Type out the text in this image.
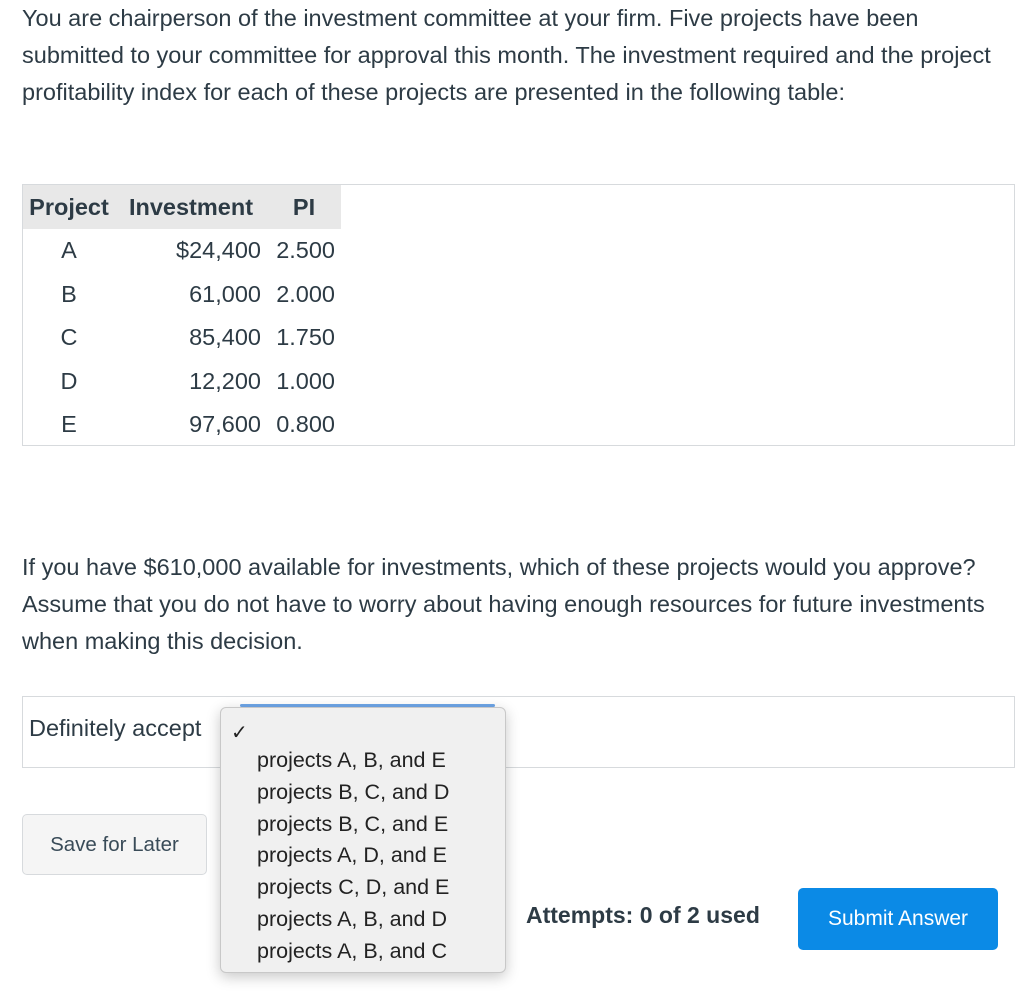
You are chairperson of the investment committee at your firm. Five projects have been submitted to your committee for approval this month. The investment required and the project profitability index for each of these projects are presented in the following table:

Project	Investment	PI
A	$24,400	2.500
B	61,000	2.000
C	85,400	1.750
D	12,200	1.000
E	97,600	0.800

If you have $610,000 available for investments, which of these projects would you approve? Assume that you do not have to worry about having enough resources for future investments when making this decision.

Definitely accept	✓
projects A, B, and E
projects B, C, and D
projects B, C, and E
projects A, D, and E
projects C, D, and E
projects A, B, and D
projects A, B, and C
Save for Later
Attempts: 0 of 2 used	Submit Answer
